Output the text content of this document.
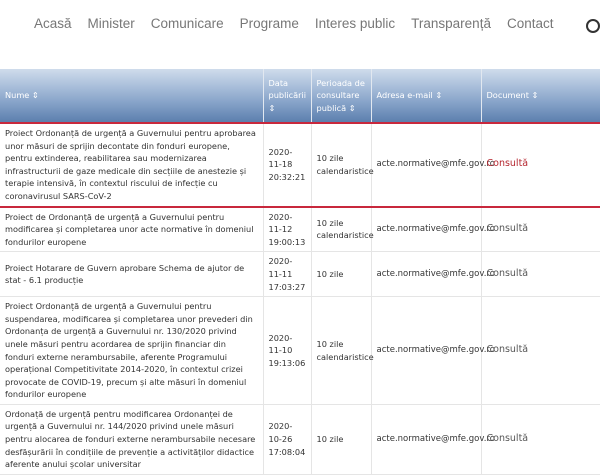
Acasă Minister Comunicare Programe Interes public Transparență Contact
Nume ⇕	Data publicării ⇕	Perioada de consultare publică ⇕	Adresa e-mail ⇕	Document ⇕
Proiect Ordonanță de urgență a Guvernului pentru aprobarea unor măsuri de sprijin decontate din fonduri europene, pentru extinderea, reabilitarea sau modernizarea infrastructurii de gaze medicale din secțiile de anestezie și terapie intensivă, în contextul riscului de infecție cu coronavirusul SARS-CoV-2	2020-11-18 20:32:21	10 zile calendaristice	acte.normative@mfe.gov.ro	Consultă
Proiect de Ordonanță de urgență a Guvernului pentru modificarea și completarea unor acte normative în domeniul fondurilor europene	2020-11-12 19:00:13	10 zile calendaristice	acte.normative@mfe.gov.ro	Consultă
Proiect Hotarare de Guvern aprobare Schema de ajutor de stat - 6.1 producție	2020-11-11 17:03:27	10 zile	acte.normative@mfe.gov.ro	Consultă
Proiect Ordonanță de urgență a Guvernului pentru suspendarea, modificarea și completarea unor prevederi din Ordonanța de urgență a Guvernului nr. 130/2020 privind unele măsuri pentru acordarea de sprijin financiar din fonduri externe nerambursabile, aferente Programului operațional Competitivitate 2014-2020, în contextul crizei provocate de COVID-19, precum și alte măsuri în domeniul fondurilor europene	2020-11-10 19:13:06	10 zile calendaristice	acte.normative@mfe.gov.ro	Consultă
Ordonață de urgență pentru modificarea Ordonanței de urgență a Guvernului nr. 144/2020 privind unele măsuri pentru alocarea de fonduri externe nerambursabile necesare desfășurării în condițiile de prevenție a activităților didactice aferente anului școlar universitar	2020-10-26 17:08:04	10 zile	acte.normative@mfe.gov.ro	Consultă
